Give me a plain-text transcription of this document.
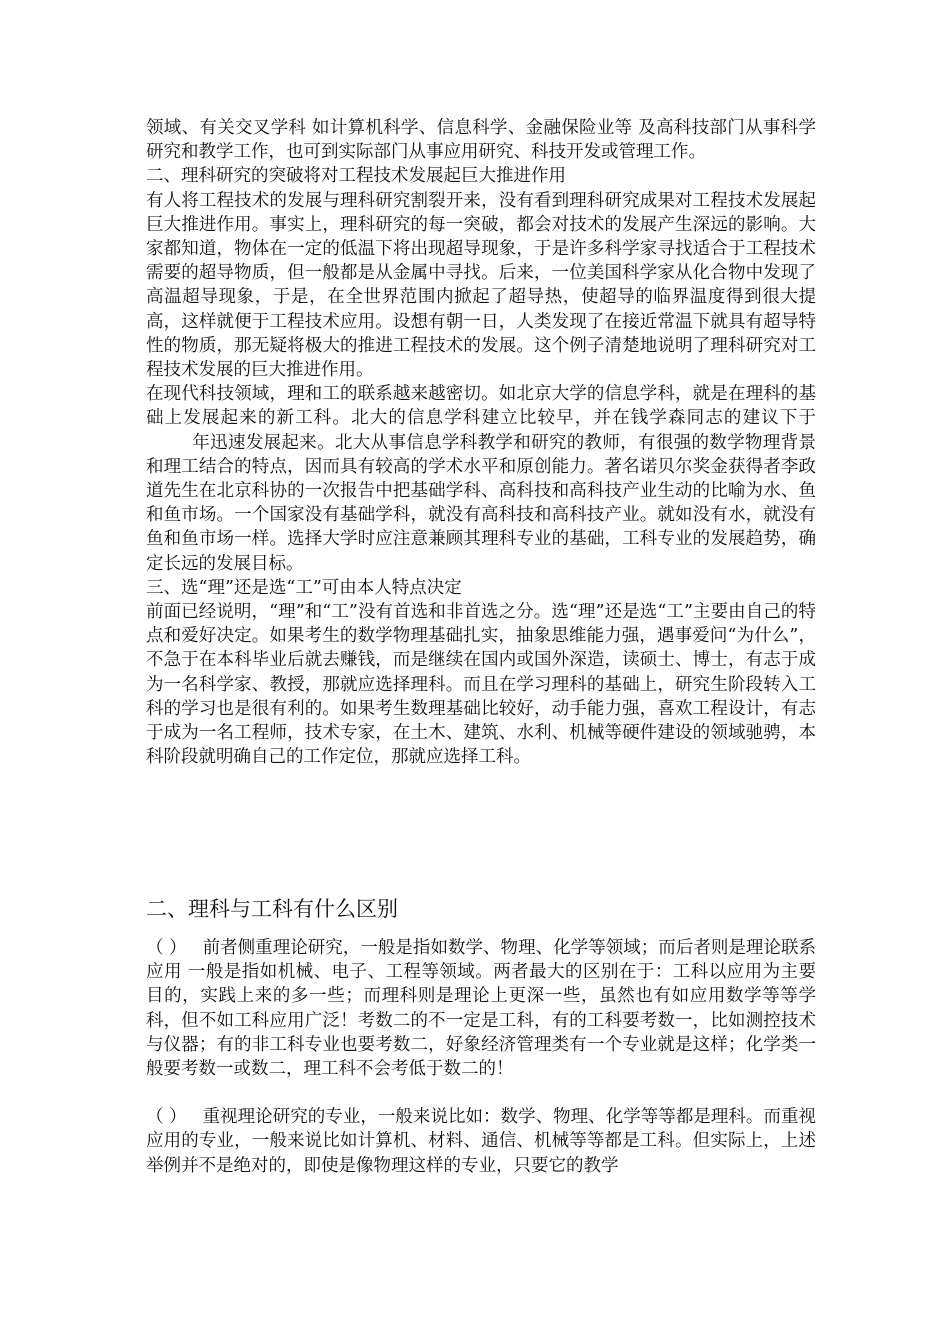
领域、有关交叉学科 如计算机科学、信息科学、金融保险业等 及高科技部门从事科学研究和教学工作，也可到实际部门从事应用研究、科技开发或管理工作。

二、理科研究的突破将对工程技术发展起巨大推进作用

有人将工程技术的发展与理科研究割裂开来，没有看到理科研究成果对工程技术发展起巨大推进作用。事实上，理科研究的每一突破，都会对技术的发展产生深远的影响。大家都知道，物体在一定的低温下将出现超导现象，于是许多科学家寻找适合于工程技术需要的超导物质，但一般都是从金属中寻找。后来，一位美国科学家从化合物中发现了高温超导现象，于是，在全世界范围内掀起了超导热，使超导的临界温度得到很大提高，这样就便于工程技术应用。设想有朝一日，人类发现了在接近常温下就具有超导特性的物质，那无疑将极大的推进工程技术的发展。这个例子清楚地说明了理科研究对工程技术发展的巨大推进作用。

在现代科技领域，理和工的联系越来越密切。如北京大学的信息学科，就是在理科的基础上发展起来的新工科。北大的信息学科建立比较早，并在钱学森同志的建议下于年迅速发展起来。北大从事信息学科教学和研究的教师，有很强的数学物理背景和理工结合的特点，因而具有较高的学术水平和原创能力。著名诺贝尔奖金获得者李政道先生在北京科协的一次报告中把基础学科、高科技和高科技产业生动的比喻为水、鱼和鱼市场。一个国家没有基础学科，就没有高科技和高科技产业。就如没有水，就没有鱼和鱼市场一样。选择大学时应注意兼顾其理科专业的基础，工科专业的发展趋势，确定长远的发展目标。

三、选“理”还是选“工”可由本人特点决定

前面已经说明，“理”和“工”没有首选和非首选之分。选“理”还是选“工”主要由自己的特点和爱好决定。如果考生的数学物理基础扎实，抽象思维能力强，遇事爱问“为什么”，不急于在本科毕业后就去赚钱，而是继续在国内或国外深造，读硕士、博士，有志于成为一名科学家、教授，那就应选择理科。而且在学习理科的基础上，研究生阶段转入工科的学习也是很有利的。如果考生数理基础比较好，动手能力强，喜欢工程设计，有志于成为一名工程师，技术专家，在土木、建筑、水利、机械等硬件建设的领域驰骋，本科阶段就明确自己的工作定位，那就应选择工科。

二、理科与工科有什么区别

（ ） 前者侧重理论研究，一般是指如数学、物理、化学等领域；而后者则是理论联系应用 一般是指如机械、电子、工程等领域。两者最大的区别在于：工科以应用为主要目的，实践上来的多一些；而理科则是理论上更深一些，虽然也有如应用数学等等学科，但不如工科应用广泛！考数二的不一定是工科，有的工科要考数一，比如测控技术与仪器；有的非工科专业也要考数二，好象经济管理类有一个专业就是这样；化学类一般要考数一或数二，理工科不会考低于数二的！

（ ） 重视理论研究的专业，一般来说比如：数学、物理、化学等等都是理科。而重视应用的专业，一般来说比如计算机、材料、通信、机械等等都是工科。但实际上，上述举例并不是绝对的，即使是像物理这样的专业，只要它的教学
